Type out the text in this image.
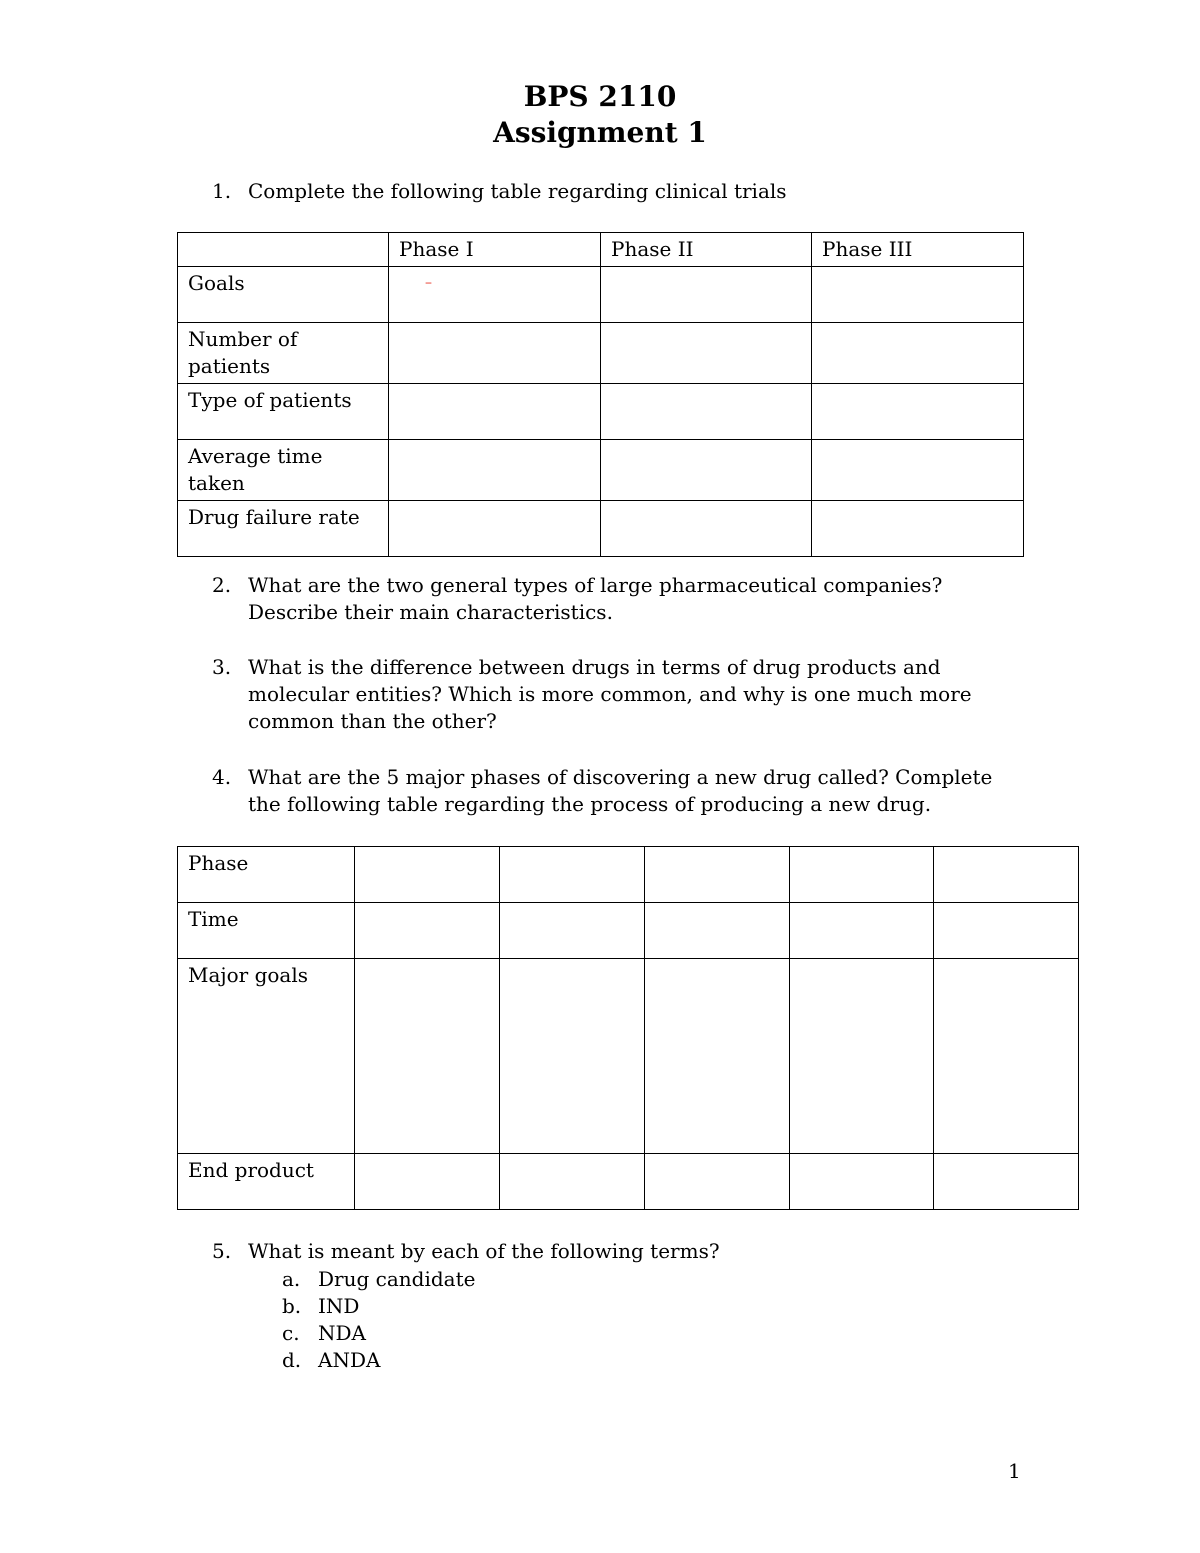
BPS 2110
Assignment 1
1. Complete the following table regarding clinical trials
	Phase I	Phase II	Phase III
Goals	–		

Number of patients			
Type of patients			
Average time taken			
Drug failure rate			
2. What are the two general types of large pharmaceutical companies? Describe their main characteristics.
3. What is the difference between drugs in terms of drug products and molecular entities? Which is more common, and why is one much more common than the other?
4. What are the 5 major phases of discovering a new drug called? Complete the following table regarding the process of producing a new drug.
Phase					
Time					
Major goals					
End product					
5. What is meant by each of the following terms?
a. Drug candidate
b. IND
c. NDA
d. ANDA
1
